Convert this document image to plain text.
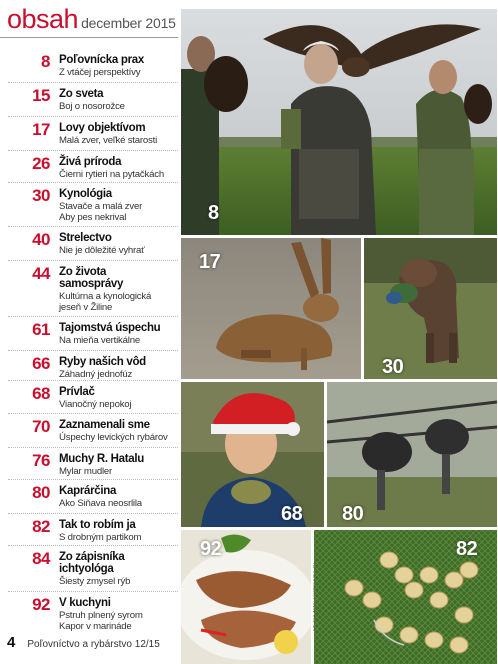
obsah december 2015
8 Poľovnícka prax
Z vtáčej perspektívy
15 Zo sveta
Boj o nosorožce
17 Lovy objektívom
Malá zver, veľké starosti
26 Živá príroda
Čierni rytieri na pytačkách
30 Kynológia
Stavače a malá zver
Aby pes nekrival
40 Strelectvo
Nie je dôležité vyhrať
44 Zo života
samosprávy
Kultúrna a kynologická
jeseň v Žiline
61 Tajomstvá úspechu
Na mieňa vertikálne
66 Ryby našich vôd
Záhadný jednofúz
68 Prívlač
Vianočný nepokoj
70 Zaznamenali sme
Úspechy levických rybárov
76 Muchy R. Hatalu
Mylar mudler
80 Kaprárčina
Ako Siňava neosrlila
82 Tak to robím ja
S drobným partikom
84 Zo zápisníka
ichtyológa
Šiesty zmysel rýb
92 V kuchyni
Pstruh plnený syrom
Kapor v marináde
4 Poľovníctvo a rybárstvo 12/15
8
17
30
68 80
92	82
